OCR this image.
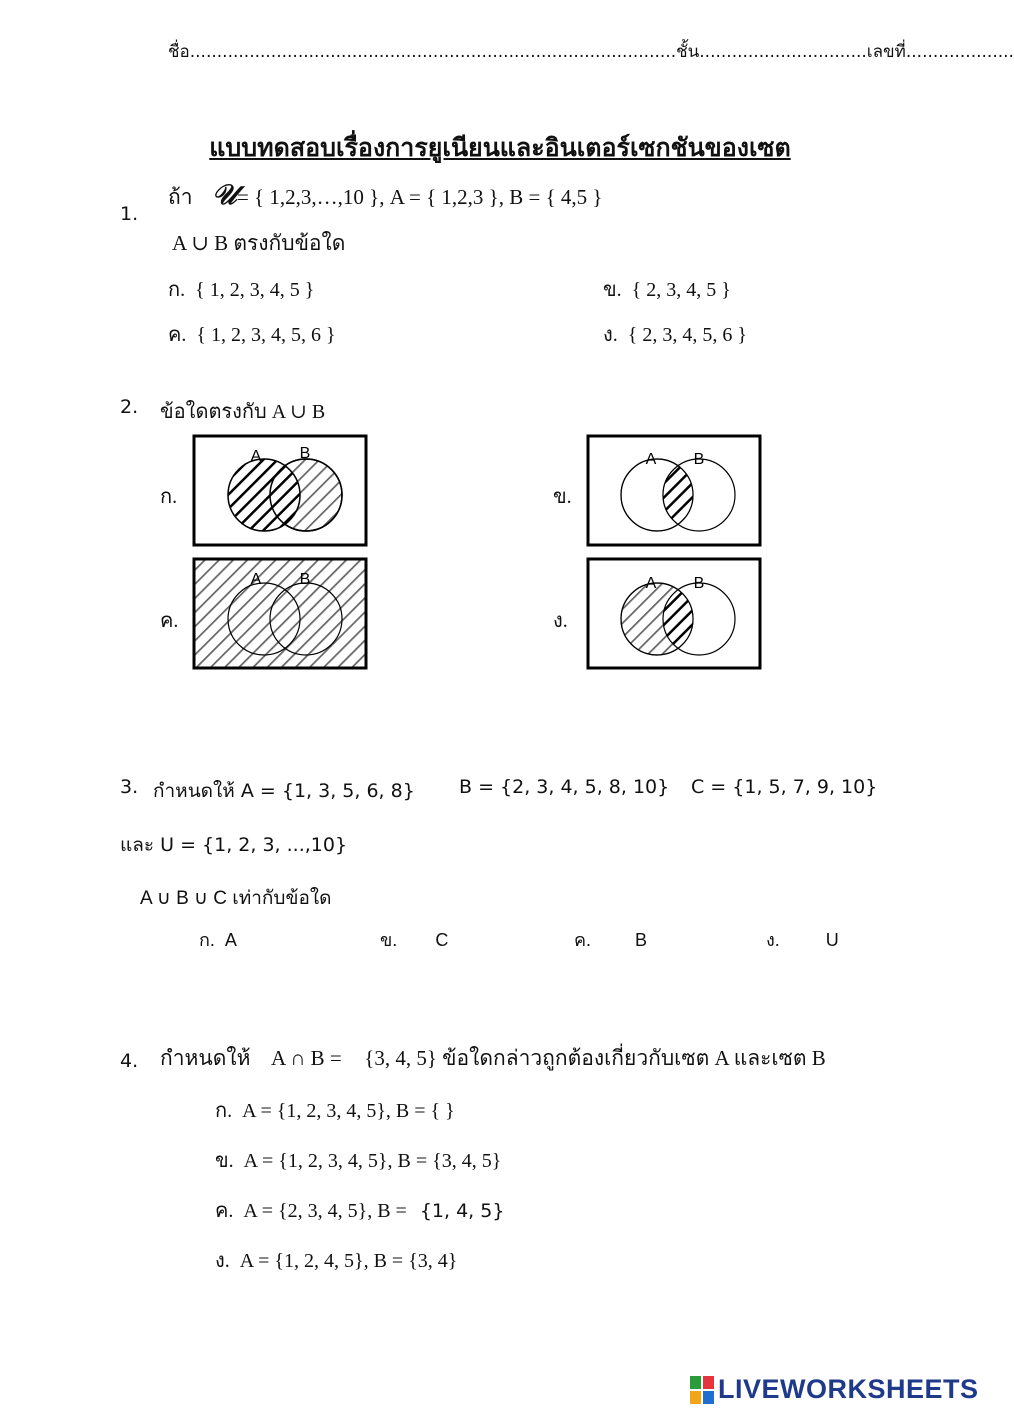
ชื่อ..........................................................................................ชั้น...............................เลขที่....................
แบบทดสอบเรื่องการยูเนียนและอินเตอร์เซกชันของเซต
1.
ถ้า 𝒰= { 1,2,3,…,10 }, A = { 1,2,3 }, B = { 4,5 }
A ∪ B ตรงกับข้อใด
ก. { 1, 2, 3, 4, 5 }	ข. { 2, 3, 4, 5 }
ค. { 1, 2, 3, 4, 5, 6 }	ง. { 2, 3, 4, 5, 6 }
2. ข้อใดตรงกับ A ∪ B
ก.	ข.
ค.	ง.
A B	A B
A B	A B
3. กำหนดให้ A = {1, 3, 5, 6, 8} B = {2, 3, 4, 5, 8, 10} C = {1, 5, 7, 9, 10}
และ U = {1, 2, 3, ...,10}
A ∪ B ∪ C เท่ากับข้อใด
ก. A	ข. C	ค. B	ง.	U
4. กำหนดให้ A ∩ B = {3, 4, 5} ข้อใดกล่าวถูกต้องเกี่ยวกับเซต A และเซต B
ก. A = {1, 2, 3, 4, 5}, B = { }
ข. A = {1, 2, 3, 4, 5}, B = {3, 4, 5}
ค. A = {2, 3, 4, 5}, B = {1, 4, 5}
ง. A = {1, 2, 4, 5}, B = {3, 4}
LIVEWORKSHEETS
